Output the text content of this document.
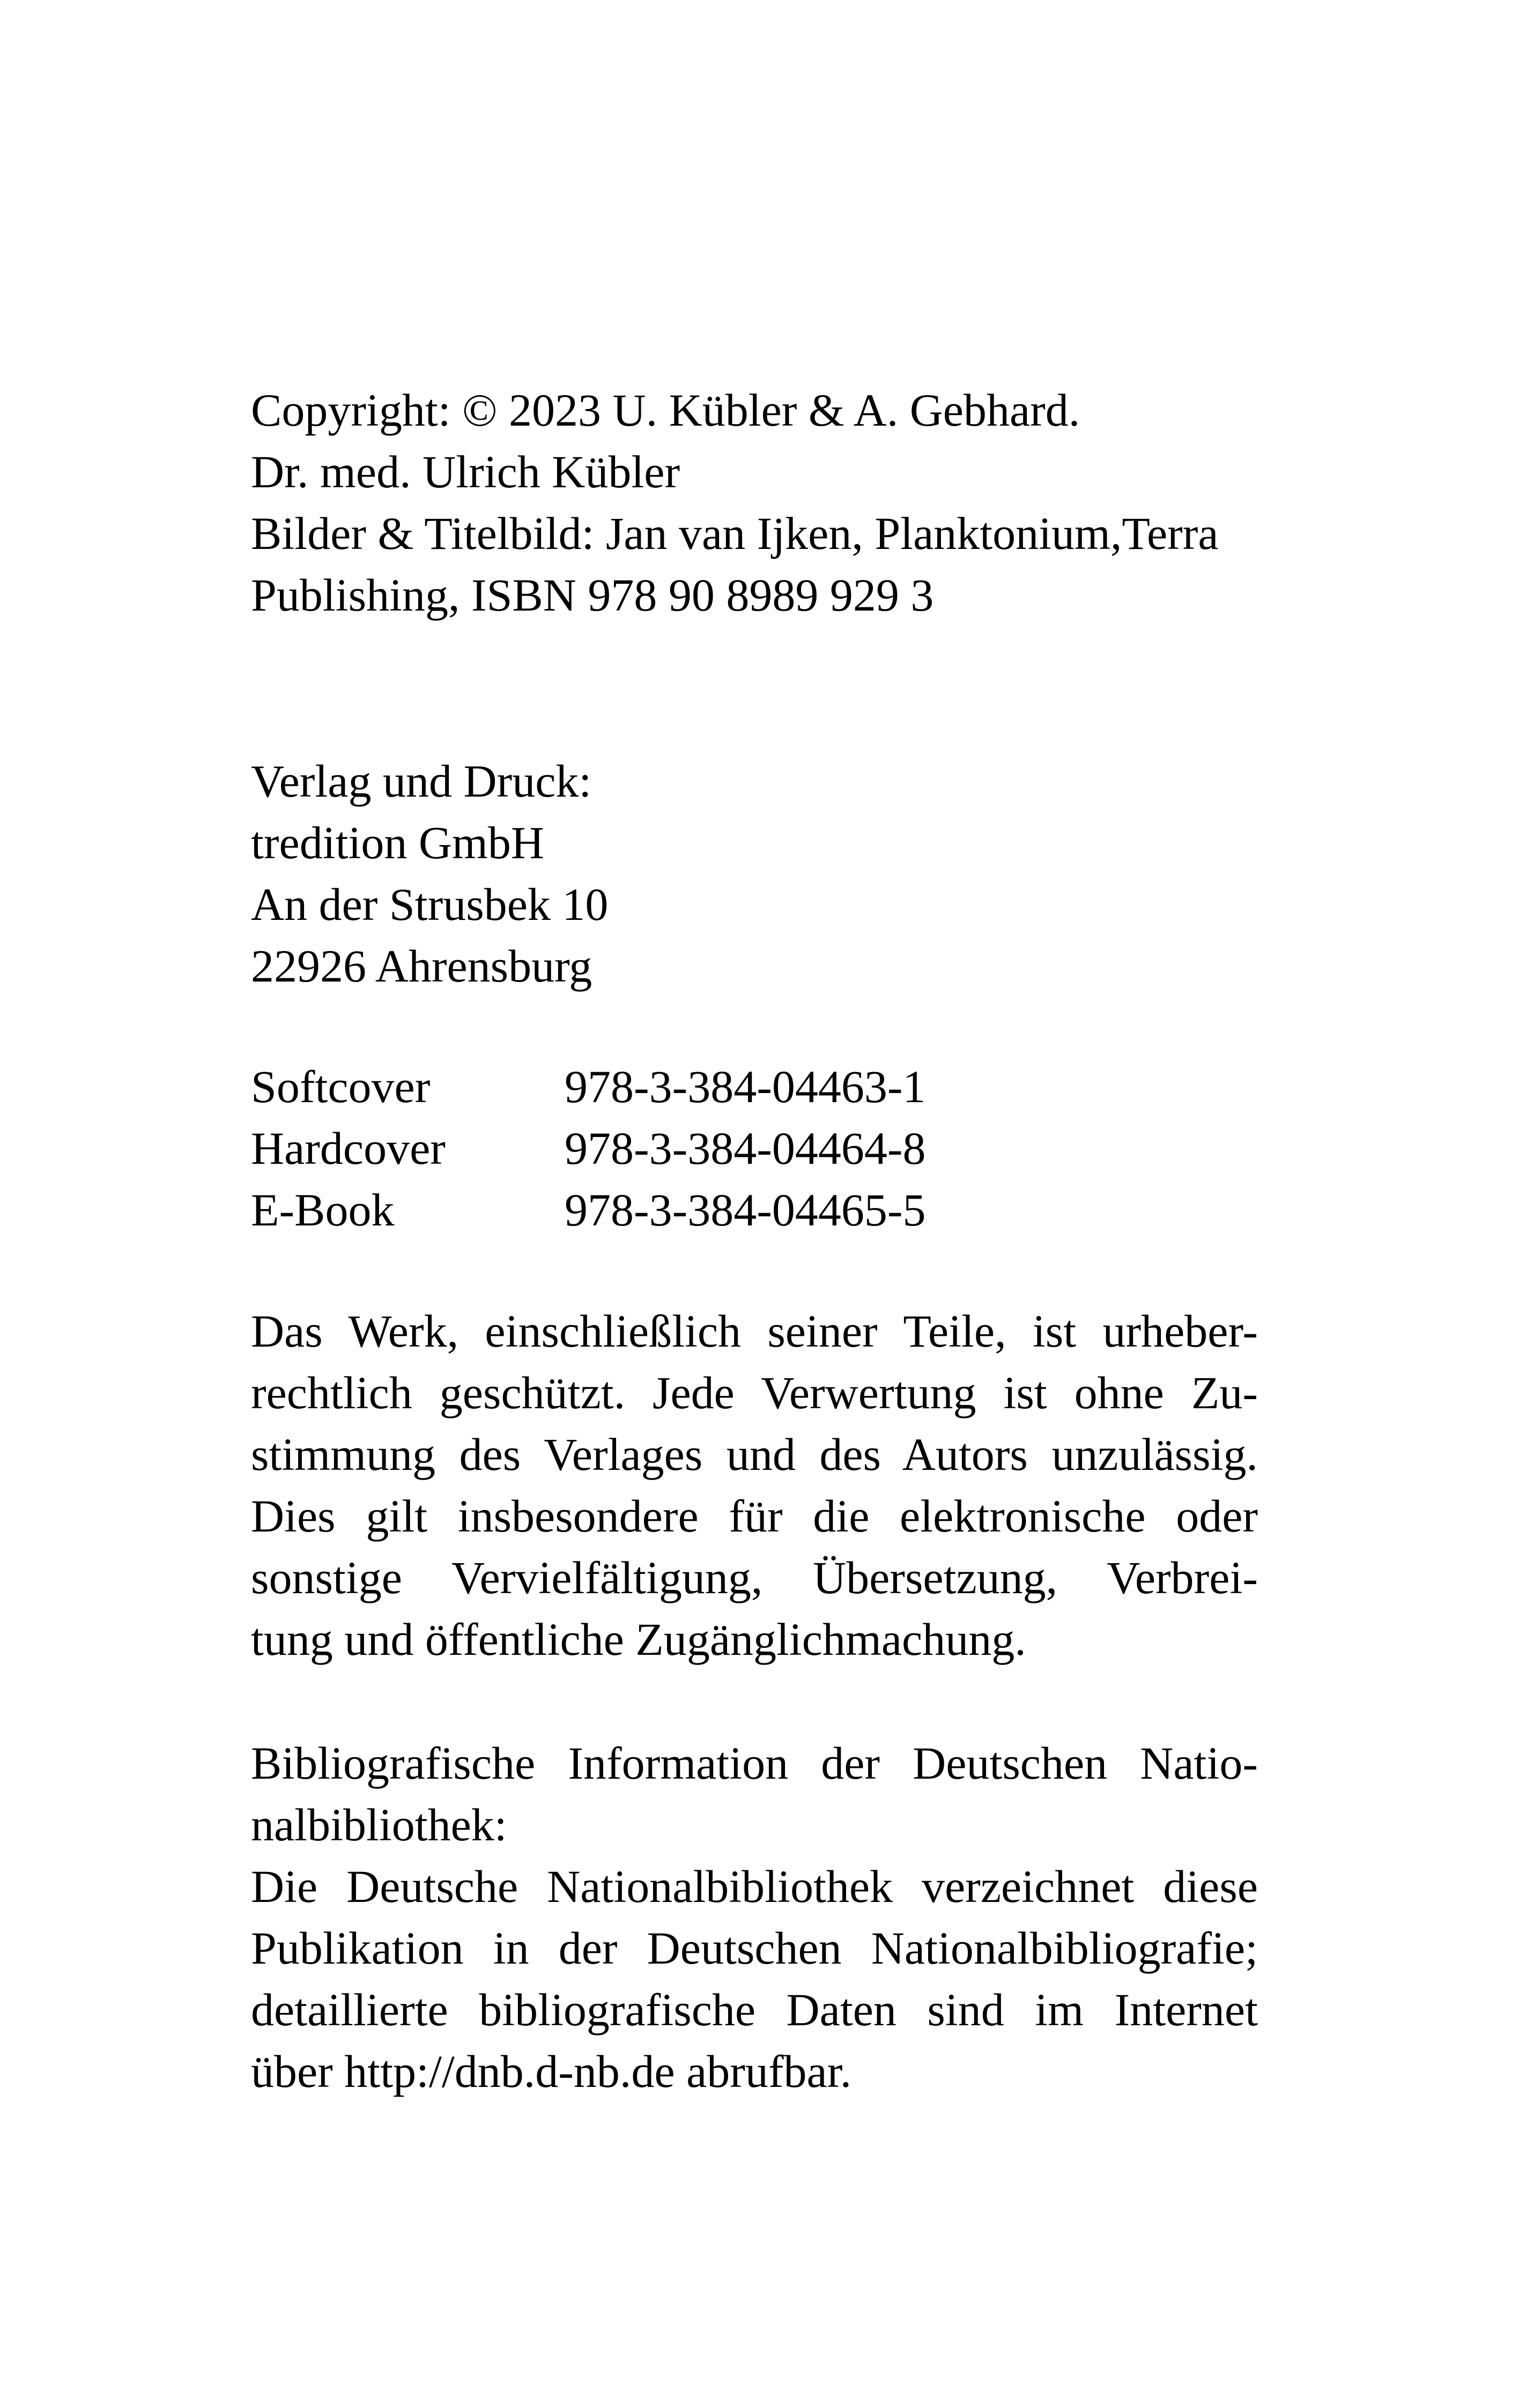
Copyright: © 2023 U. Kübler & A. Gebhard.
Dr. med. Ulrich Kübler
Bilder & Titelbild: Jan van Ijken, Planktonium,Terra
Publishing, ISBN 978 90 8989 929 3
Verlag und Druck:
tredition GmbH
An der Strusbek 10
22926 Ahrensburg
Softcover	978-3-384-04463-1
Hardcover	978-3-384-04464-8
E-Book	978-3-384-04465-5
Das Werk, einschließlich seiner Teile, ist urheber-
rechtlich geschützt. Jede Verwertung ist ohne Zu-
stimmung des Verlages und des Autors unzulässig.
Dies gilt insbesondere für die elektronische oder
sonstige Vervielfältigung, Übersetzung, Verbrei-
tung und öffentliche Zugänglichmachung.
Bibliografische Information der Deutschen Natio-
nalbibliothek:
Die Deutsche Nationalbibliothek verzeichnet diese
Publikation in der Deutschen Nationalbibliografie;
detaillierte bibliografische Daten sind im Internet
über http://dnb.d-nb.de abrufbar.
